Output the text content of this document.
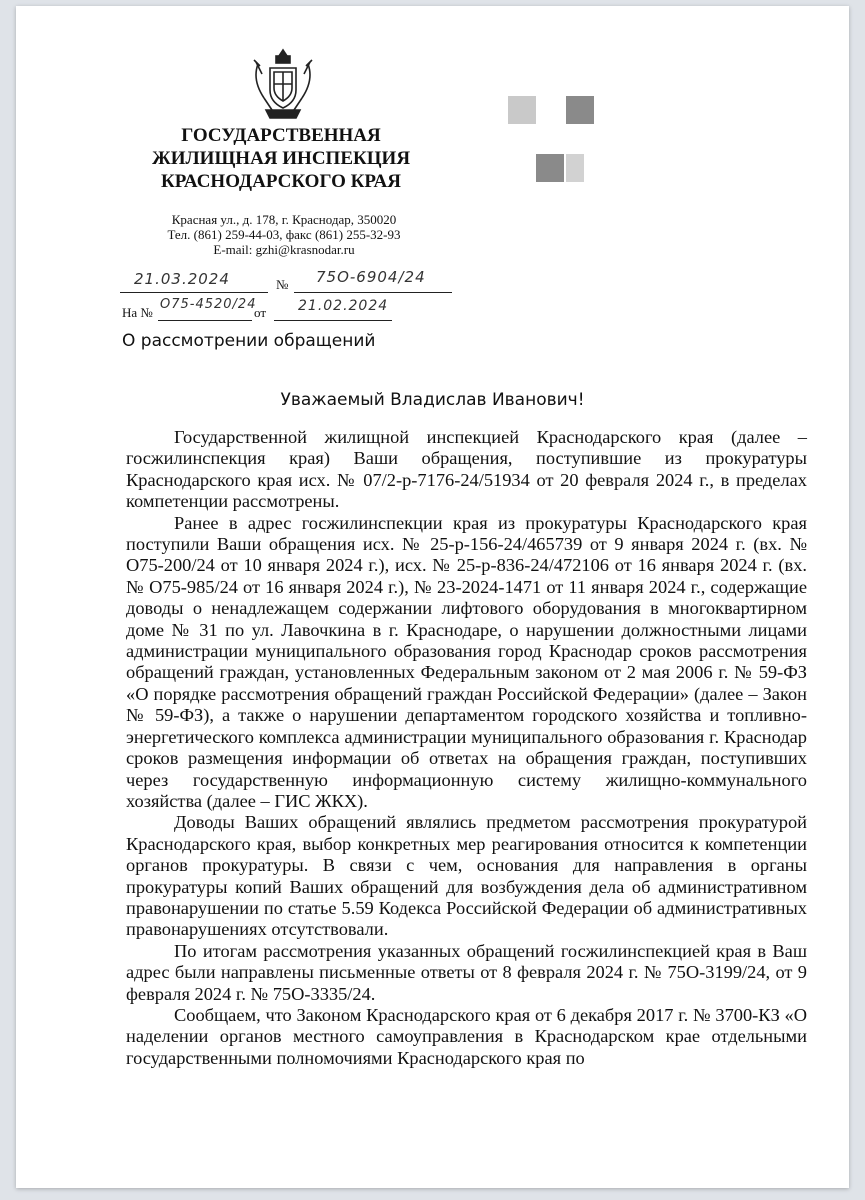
ГОСУДАРСТВЕННАЯ
ЖИЛИЩНАЯ ИНСПЕКЦИЯ
КРАСНОДАРСКОГО КРАЯ
Красная ул., д. 178, г. Краснодар, 350020
Тел. (861) 259-44-03, факс (861) 255-32-93
E-mail: gzhi@krasnodar.ru
21.03.2024	№ 75О-6904/24
На №
О75-4520/24
от 21.02.2024
О рассмотрении обращений
Уважаемый Владислав Иванович!

Государственной жилищной инспекцией Краснодарского края (далее – госжилинспекция края) Ваши обращения, поступившие из прокуратуры Краснодарского края исх. № 07/2-р-7176-24/51934 от 20 февраля 2024 г., в пределах компетенции рассмотрены.

Ранее в адрес госжилинспекции края из прокуратуры Краснодарского края поступили Ваши обращения исх. № 25-р-156-24/465739 от 9 января 2024 г. (вх. № О75-200/24 от 10 января 2024 г.), исх. № 25-р-836-24/472106 от 16 января 2024 г. (вх. № О75-985/24 от 16 января 2024 г.), № 23-2024-1471 от 11 января 2024 г., содержащие доводы о ненадлежащем содержании лифтового оборудования в многоквартирном доме № 31 по ул. Лавочкина в г. Краснодаре, о нарушении должностными лицами администрации муниципального образования город Краснодар сроков рассмотрения обращений граждан, установленных Федеральным законом от 2 мая 2006 г. № 59-ФЗ «О порядке рассмотрения обращений граждан Российской Федерации» (далее – Закон № 59-ФЗ), а также о нарушении департаментом городского хозяйства и топливно-энергетического комплекса администрации муниципального образования г. Краснодар сроков размещения информации об ответах на обращения граждан, поступивших через государственную информационную систему жилищно-коммунального хозяйства (далее – ГИС ЖКХ).

Доводы Ваших обращений являлись предметом рассмотрения прокуратурой Краснодарского края, выбор конкретных мер реагирования относится к компетенции органов прокуратуры. В связи с чем, основания для направления в органы прокуратуры копий Ваших обращений для возбуждения дела об административном правонарушении по статье 5.59 Кодекса Российской Федерации об административных правонарушениях отсутствовали.

По итогам рассмотрения указанных обращений госжилинспекцией края в Ваш адрес были направлены письменные ответы от 8 февраля 2024 г. № 75О-3199/24, от 9 февраля 2024 г. № 75О-3335/24.

Сообщаем, что Законом Краснодарского края от 6 декабря 2017 г. № 3700-КЗ «О наделении органов местного самоуправления в Краснодарском крае отдельными государственными полномочиями Краснодарского края по
